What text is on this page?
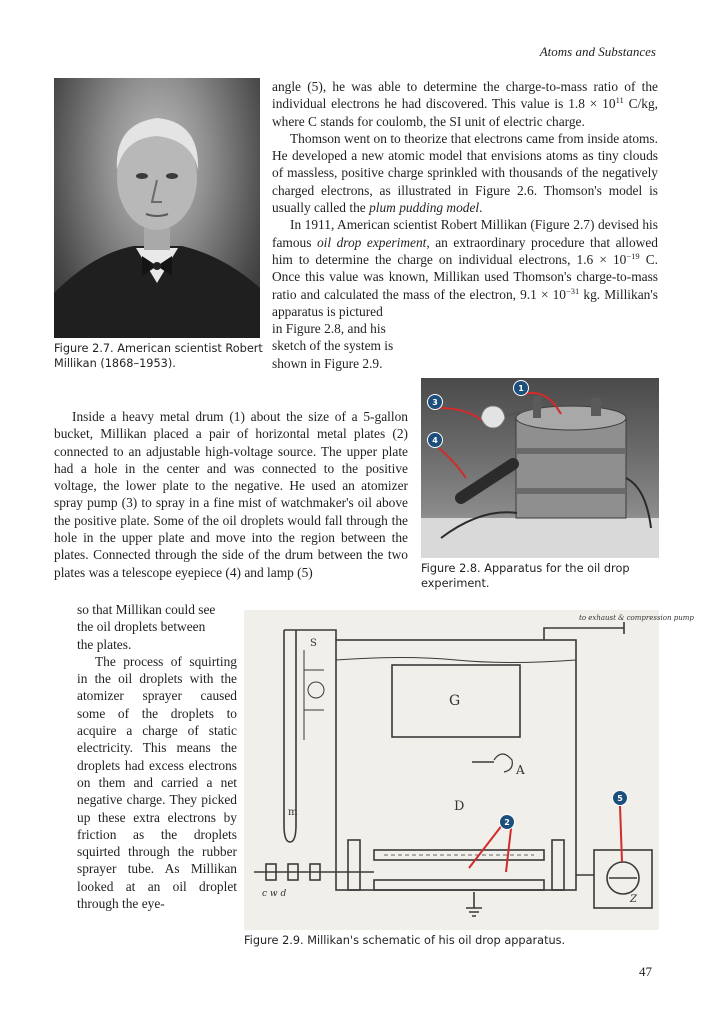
Atoms and Substances
Figure 2.7. American scientist Robert Millikan (1868–1953).

angle (5), he was able to determine the charge-to-mass ratio of the individual electrons he had discovered. This value is $1.8 \times 10^{11}$ C/kg, where C stands for coulomb, the SI unit of electric charge.

Thomson went on to theorize that electrons came from inside atoms. He developed a new atomic model that envisions atoms as tiny clouds of massless, positive charge sprinkled with thousands of the negatively charged electrons, as illustrated in Figure 2.6. Thomson's model is usually called the plum pudding model.

In 1911, American scientist Robert Millikan (Figure 2.7) devised his famous oil drop experiment, an extraordinary procedure that allowed him to determine the charge on individual electrons, $1.6 \times 10^{-19}$ C. Once this value was known, Millikan used Thomson's charge-to-mass ratio and calculated the mass of the electron, $9.1 \times 10^{-31}$ kg. Millikan's apparatus is pictured

in Figure 2.8, and his
sketch of the system is
shown in Figure 2.9.

1
3
4
Figure 2.8. Apparatus for the oil drop experiment.

Inside a heavy metal drum (1) about the size of a 5-gallon bucket, Millikan placed a pair of horizontal metal plates (2) connected to an adjustable high-voltage source. The upper plate had a hole in the center and was connected to the positive voltage, the lower plate to the negative. He used an atomizer spray pump (3) to spray in a fine mist of watchmaker's oil above the positive plate. Some of the oil droplets would fall through the hole in the upper plate and move into the region between the plates. Connected through the side of the drum between the two plates was a telescope eyepiece (4) and lamp (5)

so that Millikan could see
the oil droplets between
the plates.

The process of squirting in the oil droplets with the atomizer sprayer caused some of the droplets to acquire a charge of static electricity. This means the droplets had excess electrons on them and carried a net negative charge. They picked up these extra electrons by friction as the droplets squirted through the rubber sprayer tube. As Millikan looked at an oil droplet through the eye-

G
A
D
m
S
Z
c w d
to exhaust & compression pump
2
5
Figure 2.9. Millikan's schematic of his oil drop apparatus.
47
